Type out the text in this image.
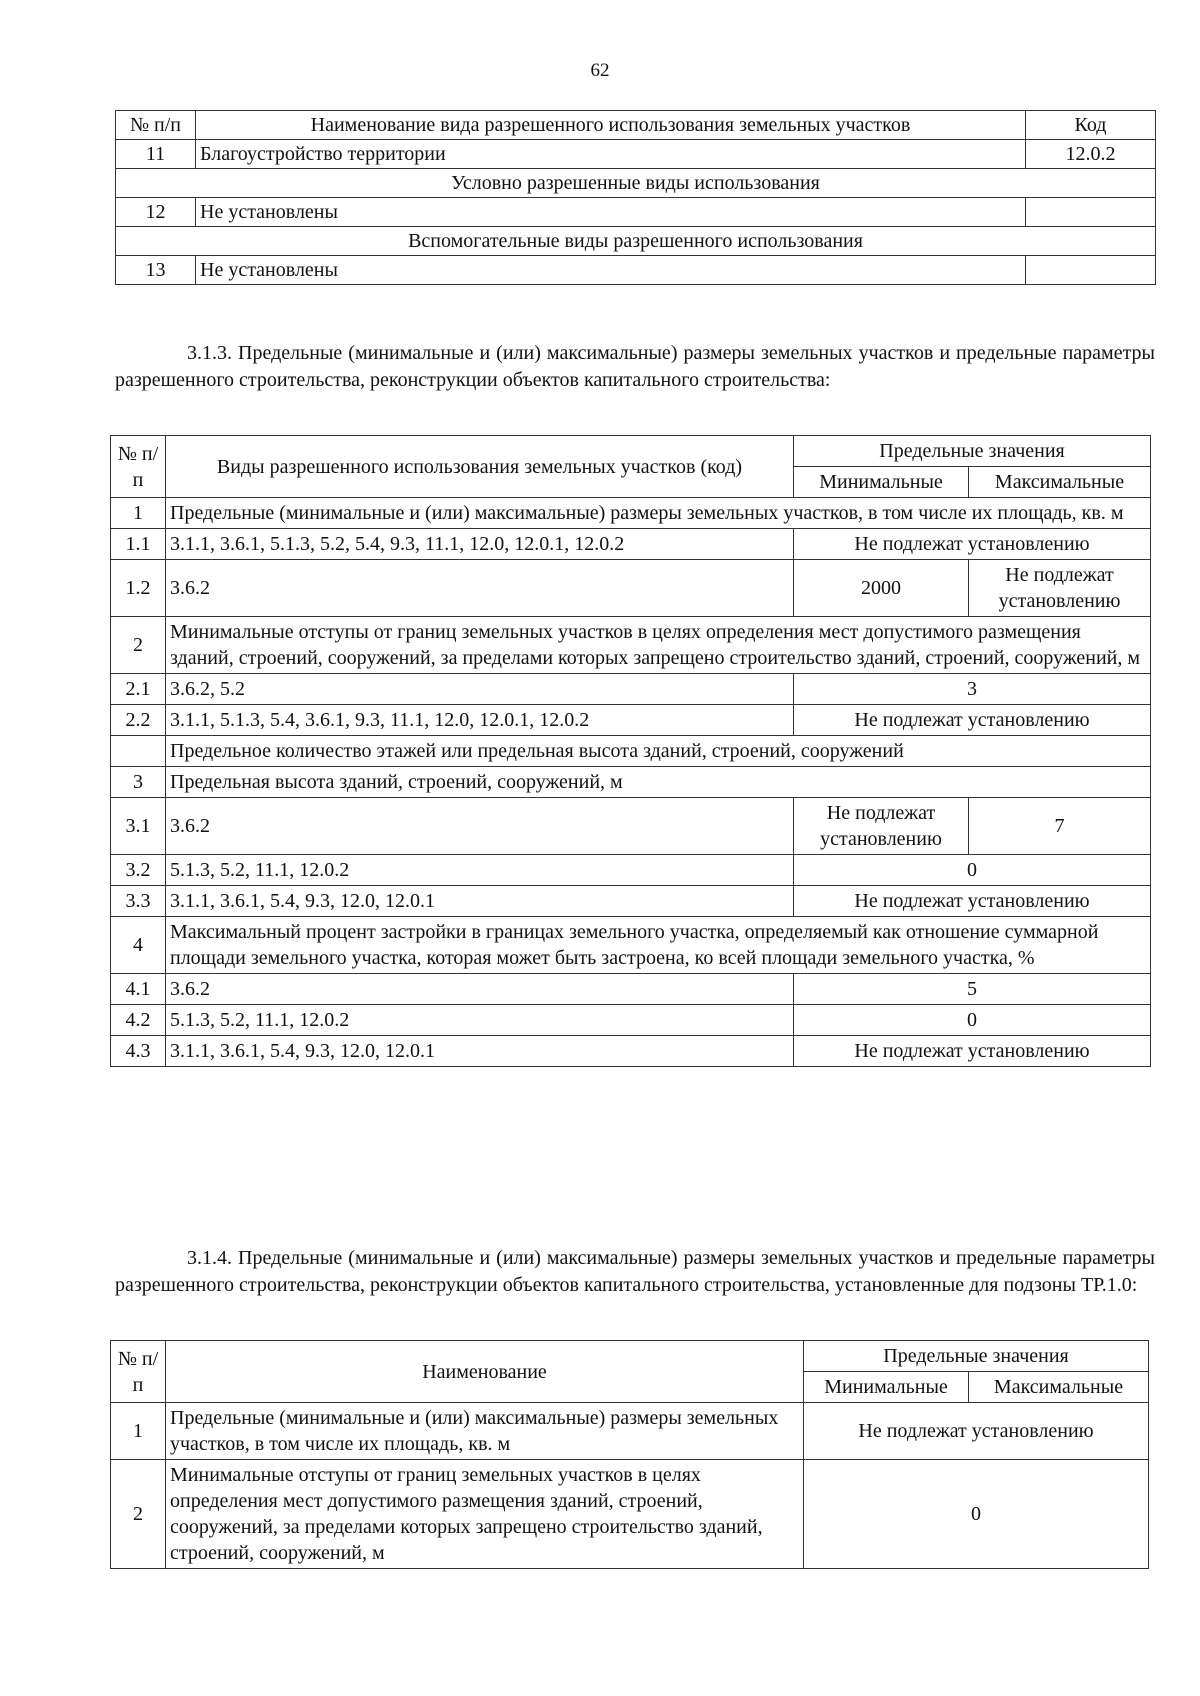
62
№ п/п	Наименование вида разрешенного использования земельных участков	Код
11	Благоустройство территории	12.0.2
Условно разрешенные виды использования		
12	Не установлены	
Вспомогательные виды разрешенного использования		
13	Не установлены	
3.1.3. Предельные (минимальные и (или) максимальные) размеры земельных участков и предельные параметры разрешенного строительства, реконструкции объектов капитального строительства:
№ п/п	Виды разрешенного использования земельных участков (код)	Предельные значения	
		Минимальные	Максимальные
1	Предельные (минимальные и (или) максимальные) размеры земельных участков, в том числе их площадь, кв. м		
1.1	3.1.1, 3.6.1, 5.1.3, 5.2, 5.4, 9.3, 11.1, 12.0, 12.0.1, 12.0.2	Не подлежат установлению	
1.2	3.6.2	2000	Не подлежат установлению
2	Минимальные отступы от границ земельных участков в целях определения мест допустимого размещения зданий, строений, сооружений, за пределами которых запрещено строительство зданий, строений, сооружений, м		
2.1	3.6.2, 5.2	3	
2.2	3.1.1, 5.1.3, 5.4, 3.6.1, 9.3, 11.1, 12.0, 12.0.1, 12.0.2	Не подлежат установлению	
	Предельное количество этажей или предельная высота зданий, строений, сооружений		
3	Предельная высота зданий, строений, сооружений, м		
3.1	3.6.2	Не подлежат установлению	7
3.2	5.1.3, 5.2, 11.1, 12.0.2	0	
3.3	3.1.1, 3.6.1, 5.4, 9.3, 12.0, 12.0.1	Не подлежат установлению	
4	Максимальный процент застройки в границах земельного участка, определяемый как отношение суммарной площади земельного участка, которая может быть застроена, ко всей площади земельного участка, %		
4.1	3.6.2	5	
4.2	5.1.3, 5.2, 11.1, 12.0.2	0	
4.3	3.1.1, 3.6.1, 5.4, 9.3, 12.0, 12.0.1	Не подлежат установлению	
3.1.4. Предельные (минимальные и (или) максимальные) размеры земельных участков и предельные параметры разрешенного строительства, реконструкции объектов капитального строительства, установленные для подзоны ТР.1.0:
№ п/п	Наименование	Предельные значения	
		Минимальные	Максимальные
1	Предельные (минимальные и (или) максимальные) размеры земельных участков, в том числе их площадь, кв. м	Не подлежат установлению	
2	Минимальные отступы от границ земельных участков в целях определения мест допустимого размещения зданий, строений, сооружений, за пределами которых запрещено строительство зданий, строений, сооружений, м	0	
